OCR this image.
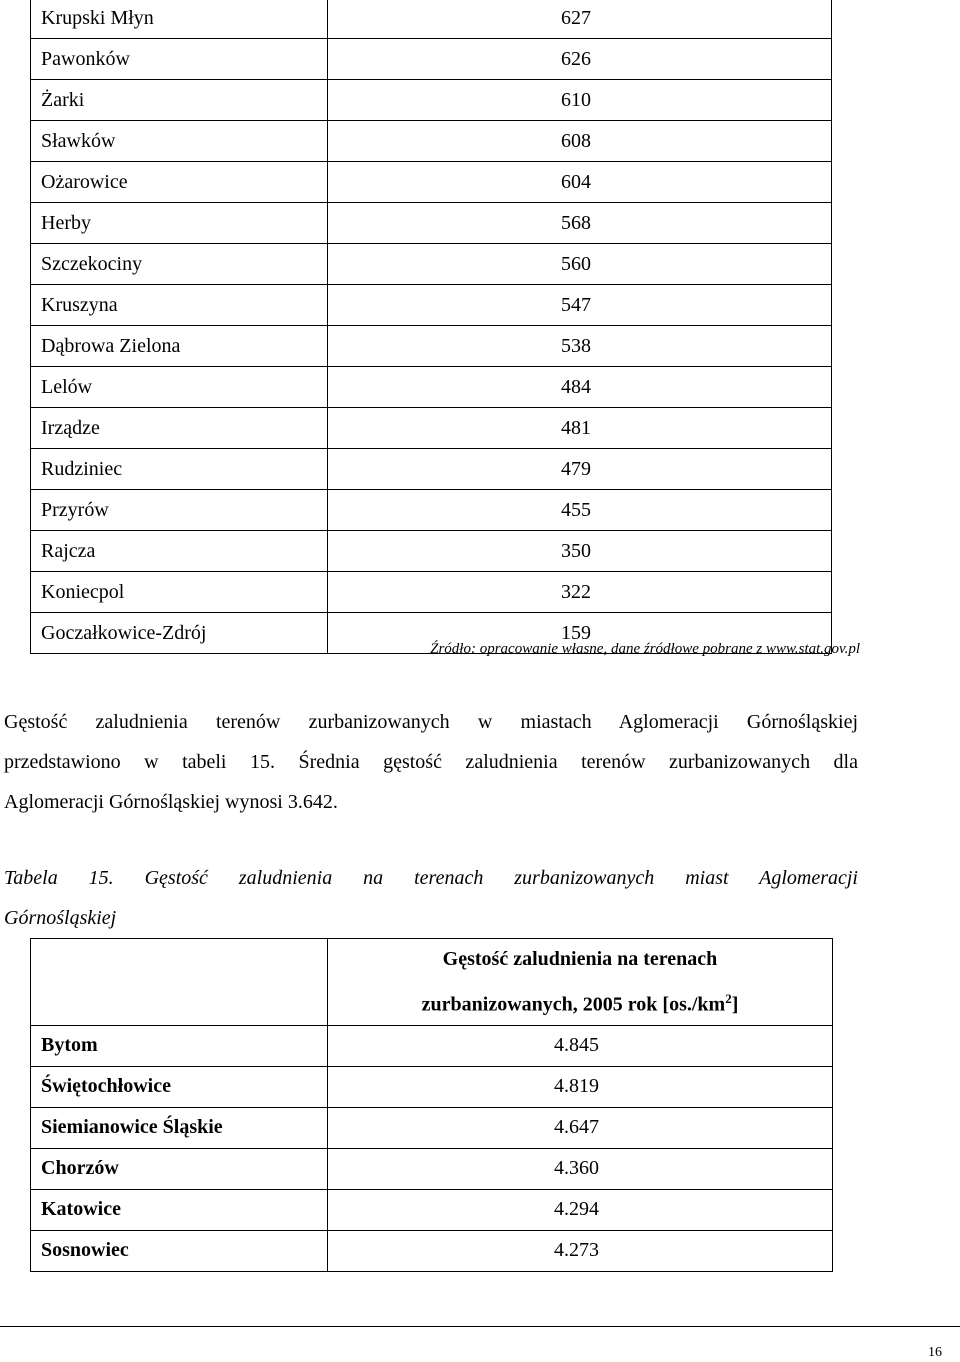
Krupski Młyn	627
Pawonków	626
Żarki	610
Sławków	608
Ożarowice	604
Herby	568
Szczekociny	560
Kruszyna	547
Dąbrowa Zielona	538
Lelów	484
Irządze	481
Rudziniec	479
Przyrów	455
Rajcza	350
Koniecpol	322
Goczałkowice-Zdrój	159
Źródło: opracowanie własne, dane źródłowe pobrane z www.stat.gov.pl
Gęstość zaludnienia terenów zurbanizowanych w miastach Aglomeracji Górnośląskiej
przedstawiono w tabeli 15. Średnia gęstość zaludnienia terenów zurbanizowanych dla
Aglomeracji Górnośląskiej wynosi 3.642.
Tabela 15. Gęstość zaludnienia na terenach zurbanizowanych miast Aglomeracji
Górnośląskiej

	Gęstość zaludnienia na terenach
zurbanizowanych, 2005 rok $[os./km^2]$

Bytom	4.845
Świętochłowice	4.819
Siemianowice Śląskie	4.647
Chorzów	4.360
Katowice	4.294
Sosnowiec	4.273
16
